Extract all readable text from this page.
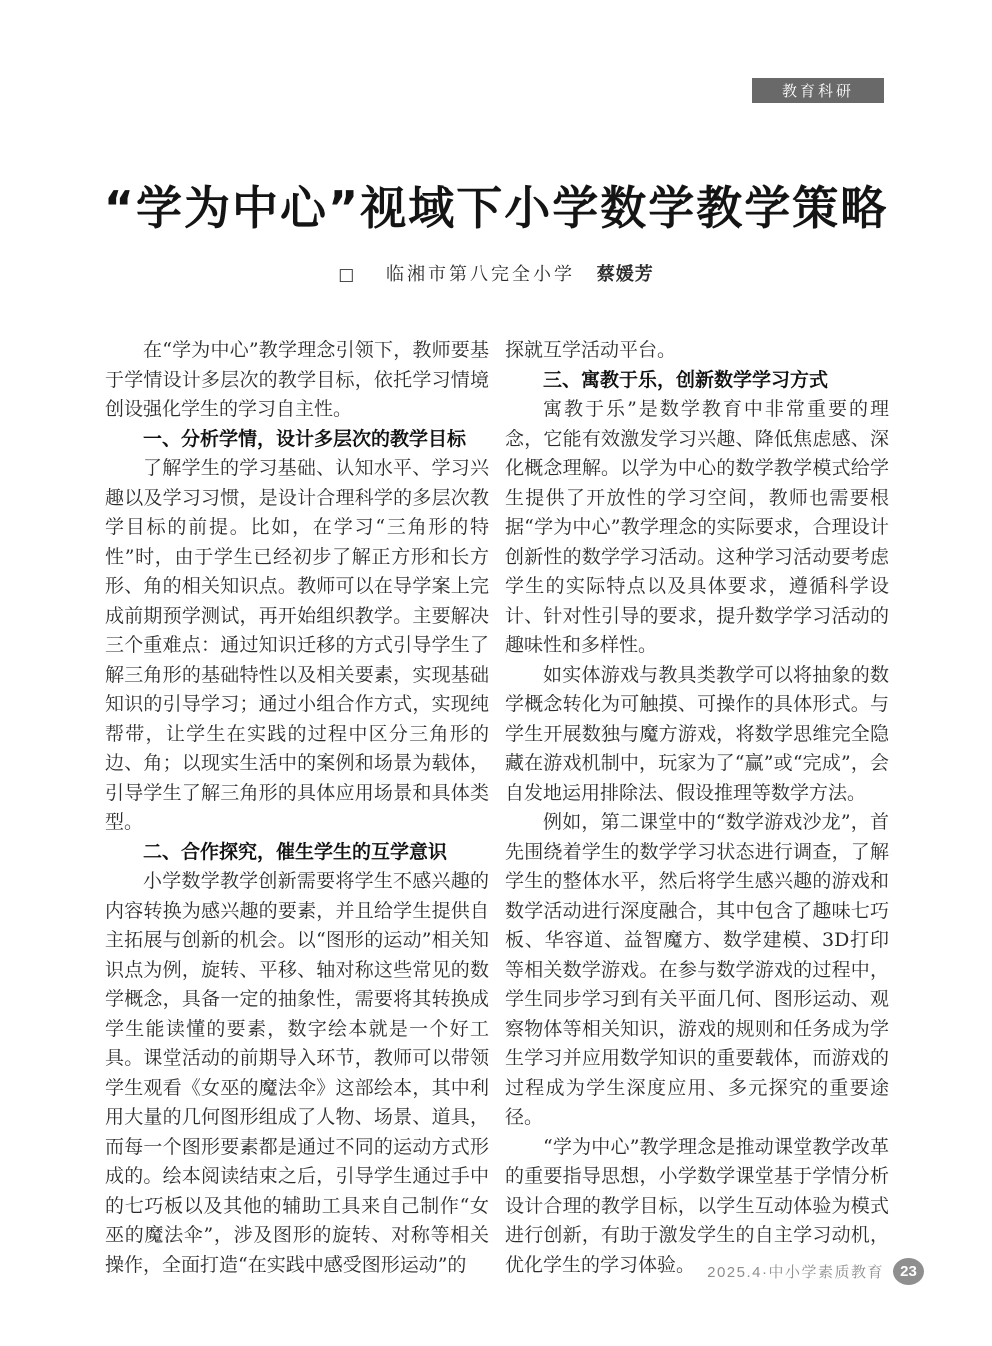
教育科研
“学为中心”视域下小学数学教学策略
□ 临湘市第八完全小学 蔡媛芳

在“学为中心”教学理念引领下，教师要基于学情设计多层次的教学目标，依托学习情境创设强化学生的学习自主性。

一、分析学情，设计多层次的教学目标

了解学生的学习基础、认知水平、学习兴趣以及学习习惯，是设计合理科学的多层次教学目标的前提。比如，在学习“三角形的特性”时，由于学生已经初步了解正方形和长方形、角的相关知识点。教师可以在导学案上完成前期预学测试，再开始组织教学。主要解决三个重难点：通过知识迁移的方式引导学生了解三角形的基础特性以及相关要素，实现基础知识的引导学习；通过小组合作方式，实现纯帮带，让学生在实践的过程中区分三角形的边、角；以现实生活中的案例和场景为载体，引导学生了解三角形的具体应用场景和具体类型。

二、合作探究，催生学生的互学意识

小学数学教学创新需要将学生不感兴趣的内容转换为感兴趣的要素，并且给学生提供自主拓展与创新的机会。以“图形的运动”相关知识点为例，旋转、平移、轴对称这些常见的数学概念，具备一定的抽象性，需要将其转换成学生能读懂的要素，数字绘本就是一个好工具。课堂活动的前期导入环节，教师可以带领学生观看《女巫的魔法伞》这部绘本，其中利用大量的几何图形组成了人物、场景、道具，而每一个图形要素都是通过不同的运动方式形成的。绘本阅读结束之后，引导学生通过手中的七巧板以及其他的辅助工具来自己制作“女巫的魔法伞”，涉及图形的旋转、对称等相关操作，全面打造“在实践中感受图形运动”的

探就互学活动平台。

三、寓教于乐，创新数学学习方式

寓教于乐”是数学教育中非常重要的理念，它能有效激发学习兴趣、降低焦虑感、深化概念理解。以学为中心的数学教学模式给学生提供了开放性的学习空间，教师也需要根据“学为中心”教学理念的实际要求，合理设计创新性的数学学习活动。这种学习活动要考虑学生的实际特点以及具体要求，遵循科学设计、针对性引导的要求，提升数学学习活动的趣味性和多样性。

如实体游戏与教具类教学可以将抽象的数学概念转化为可触摸、可操作的具体形式。与学生开展数独与魔方游戏，将数学思维完全隐藏在游戏机制中，玩家为了“赢”或“完成”，会自发地运用排除法、假设推理等数学方法。

例如，第二课堂中的“数学游戏沙龙”，首先围绕着学生的数学学习状态进行调查，了解学生的整体水平，然后将学生感兴趣的游戏和数学活动进行深度融合，其中包含了趣味七巧板、华容道、益智魔方、数学建模、3D打印等相关数学游戏。在参与数学游戏的过程中，学生同步学习到有关平面几何、图形运动、观察物体等相关知识，游戏的规则和任务成为学生学习并应用数学知识的重要载体，而游戏的过程成为学生深度应用、多元探究的重要途径。

“学为中心”教学理念是推动课堂教学改革的重要指导思想，小学数学课堂基于学情分析设计合理的教学目标，以学生互动体验为模式进行创新，有助于激发学生的自主学习动机，优化学生的学习体验。 2025.4·中小学素质教育	23
